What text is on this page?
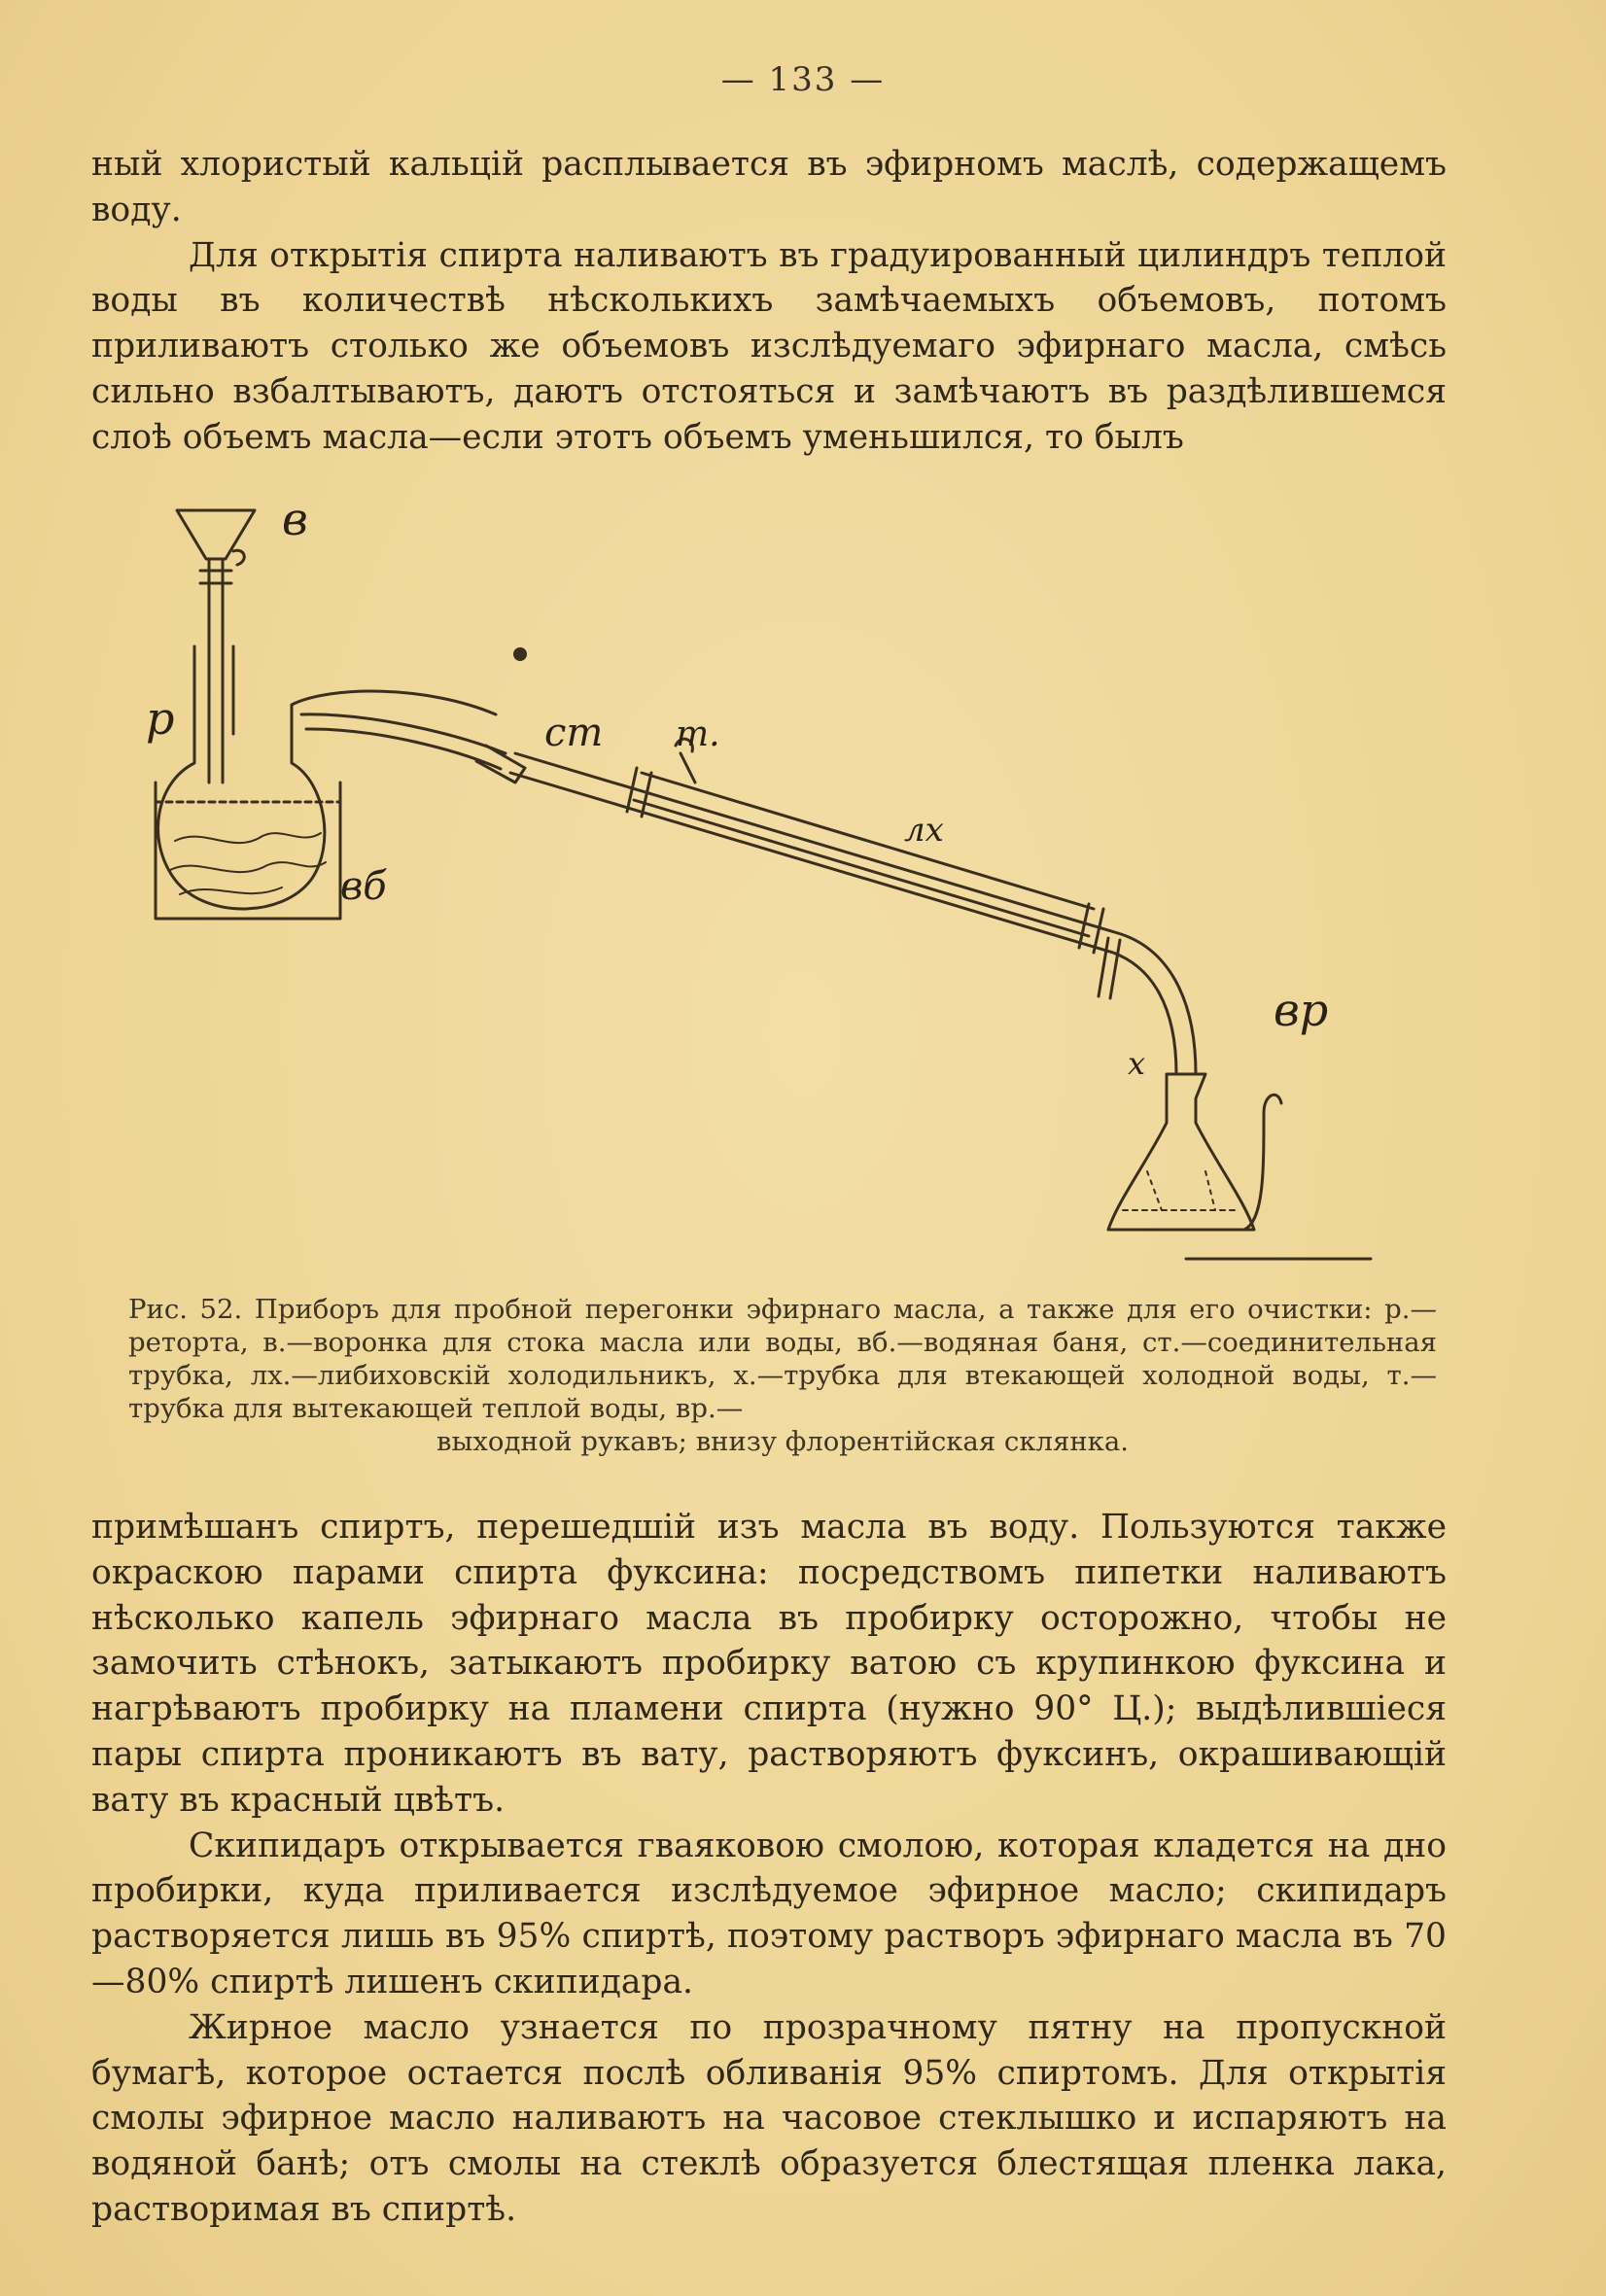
— 133 —

ный хлористый кальцій расплывается въ эфирномъ маслѣ, содержащемъ воду.

Для открытія спирта наливаютъ въ градуированный цилиндръ теплой воды въ количествѣ нѣсколькихъ замѣчаемыхъ объемовъ, потомъ приливаютъ столько же объемовъ изслѣдуемаго эфирнаго масла, смѣсь сильно взбалтываютъ, даютъ отстояться и замѣчаютъ въ раздѣлившемся слоѣ объемъ масла—если этотъ объемъ уменьшился, то былъ

в
р
вб
ст т.
лх
вр
х

Рис. 52. Приборъ для пробной перегонки эфирнаго масла, а также для его очистки: р.—реторта, в.—воронка для стока масла или воды, вб.—водяная баня, ст.—соединительная трубка, лх.—либиховскій холодильникъ, х.—трубка для втекающей холодной воды, т.—трубка для вытекающей теплой воды, вр.—

выходной рукавъ; внизу флорентійская склянка.

примѣшанъ спиртъ, перешедшій изъ масла въ воду. Пользуются также окраскою парами спирта фуксина: посредствомъ пипетки наливаютъ нѣсколько капель эфирнаго масла въ пробирку осторожно, чтобы не замочить стѣнокъ, затыкаютъ пробирку ватою съ крупинкою фуксина и нагрѣваютъ пробирку на пламени спирта (нужно 90° Ц.); выдѣлившіеся пары спирта проникаютъ въ вату, растворяютъ фуксинъ, окрашивающій вату въ красный цвѣтъ.

Скипидаръ открывается гваяковою смолою, которая кладется на дно пробирки, куда приливается изслѣдуемое эфирное масло; скипидаръ растворяется лишь въ 95% спиртѣ, поэтому растворъ эфирнаго масла въ 70—80% спиртѣ лишенъ скипидара.

Жирное масло узнается по прозрачному пятну на пропускной бумагѣ, которое остается послѣ обливанія 95% спиртомъ. Для открытія смолы эфирное масло наливаютъ на часовое стеклышко и испаряютъ на водяной банѣ; отъ смолы на стеклѣ образуется блестящая пленка лака, растворимая въ спиртѣ.
